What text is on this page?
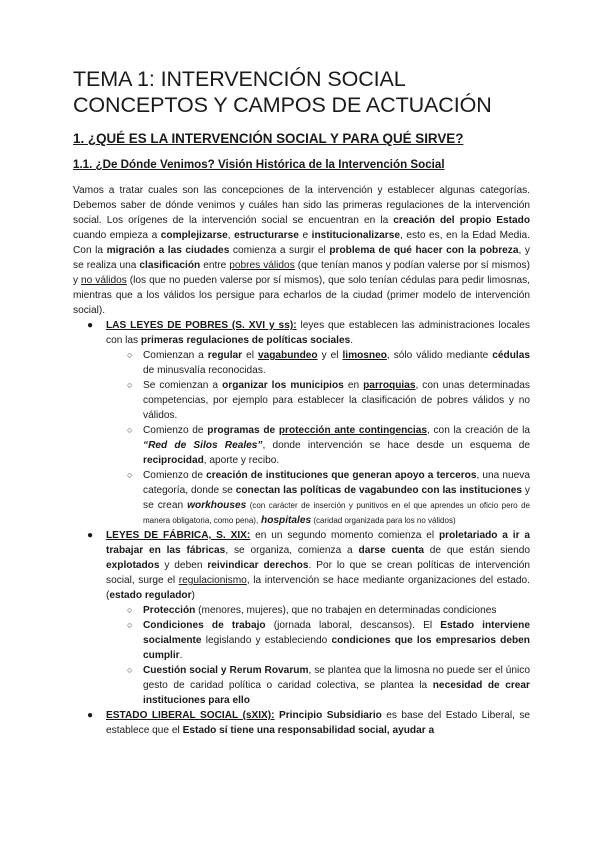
TEMA 1: INTERVENCIÓN SOCIAL CONCEPTOS Y CAMPOS DE ACTUACIÓN
1. ¿QUÉ ES LA INTERVENCIÓN SOCIAL Y PARA QUÉ SIRVE?
1.1. ¿De Dónde Venimos? Visión Histórica de la Intervención Social

Vamos a tratar cuales son las concepciones de la intervención y establecer algunas categorías. Debemos saber de dónde venimos y cuáles han sido las primeras regulaciones de la intervención social. Los orígenes de la intervención social se encuentran en la creación del propio Estado cuando empieza a complejizarse, estructurarse e institucionalizarse, esto es, en la Edad Media. Con la migración a las ciudades comienza a surgir el problema de qué hacer con la pobreza, y se realiza una clasificación entre pobres válidos (que tenían manos y podían valerse por sí mismos) y no válidos (los que no pueden valerse por sí mismos), que solo tenían cédulas para pedir limosnas, mientras que a los válidos los persigue para echarlos de la ciudad (primer modelo de intervención social).

● LAS LEYES DE POBRES (S. XVI y ss): leyes que establecen las administraciones locales con las primeras regulaciones de políticas sociales.
○ Comienzan a regular el vagabundeo y el limosneo, sólo válido mediante cédulas de minusvalía reconocidas.
○ Se comienzan a organizar los municipios en parroquias, con unas determinadas competencias, por ejemplo para establecer la clasificación de pobres válidos y no válidos.
○ Comienzo de programas de protección ante contingencias, con la creación de la “Red de Silos Reales”, donde intervención se hace desde un esquema de reciprocidad, aporte y recibo.
○ Comienzo de creación de instituciones que generan apoyo a terceros, una nueva categoría, donde se conectan las políticas de vagabundeo con las instituciones y se crean workhouses (con carácter de inserción y punitivos en el que aprendes un oficio pero de manera obligatoria, como pena), hospitales (caridad organizada para los no válidos)
● LEYES DE FÁBRICA, S. XIX: en un segundo momento comienza el proletariado a ir a trabajar en las fábricas, se organiza, comienza a darse cuenta de que están siendo explotados y deben reivindicar derechos. Por lo que se crean políticas de intervención social, surge el regulacionismo, la intervención se hace mediante organizaciones del estado. (estado regulador)
○ Protección (menores, mujeres), que no trabajen en determinadas condiciones
○ Condiciones de trabajo (jornada laboral, descansos). El Estado interviene socialmente legislando y estableciendo condiciones que los empresarios deben cumplir.
○ Cuestión social y Rerum Rovarum, se plantea que la limosna no puede ser el único gesto de caridad política o caridad colectiva, se plantea la necesidad de crear instituciones para ello
● ESTADO LIBERAL SOCIAL (sXIX): Principio Subsidiario es base del Estado Liberal, se establece que el Estado sí tiene una responsabilidad social, ayudar a
